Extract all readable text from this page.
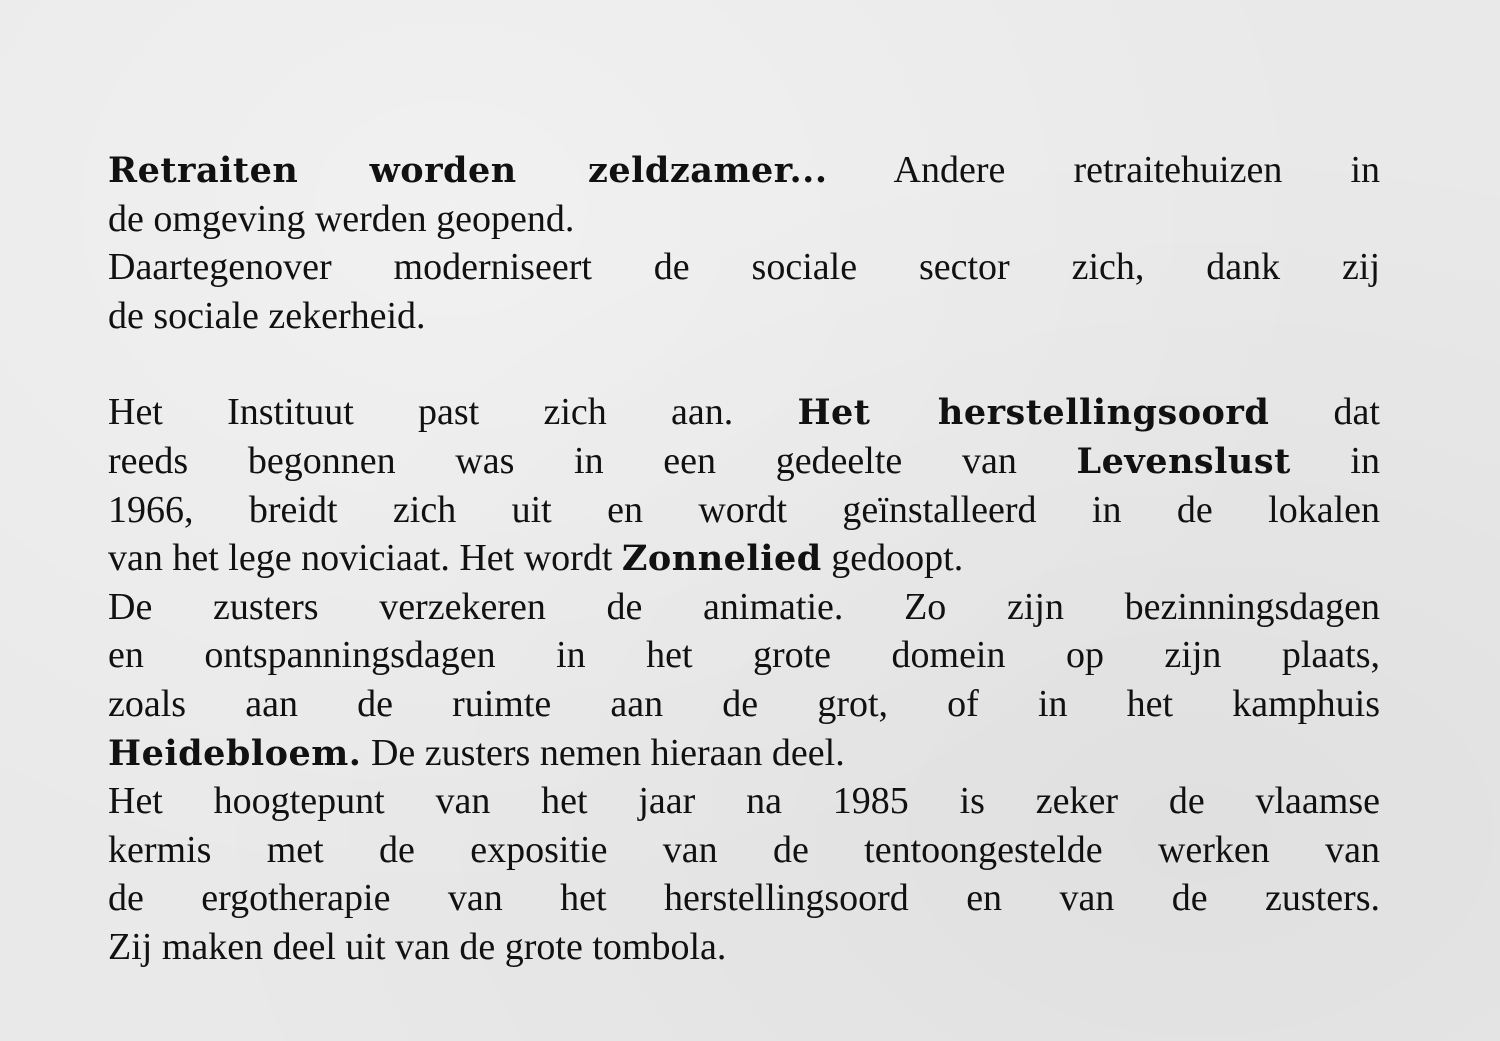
Retraiten worden zeldzamer... Andere retraitehuizen in
de omgeving werden geopend.
Daartegenover moderniseert de sociale sector zich, dank zij
de sociale zekerheid.
Het Instituut past zich aan. Het herstellingsoord dat
reeds begonnen was in een gedeelte van Levenslust in
1966, breidt zich uit en wordt geïnstalleerd in de lokalen
van het lege noviciaat. Het wordt Zonnelied gedoopt.
De zusters verzekeren de animatie. Zo zijn bezinningsdagen
en ontspanningsdagen in het grote domein op zijn plaats,
zoals aan de ruimte aan de grot, of in het kamphuis
Heidebloem. De zusters nemen hieraan deel.
Het hoogtepunt van het jaar na 1985 is zeker de vlaamse
kermis met de expositie van de tentoongestelde werken van
de ergotherapie van het herstellingsoord en van de zusters.
Zij maken deel uit van de grote tombola.
